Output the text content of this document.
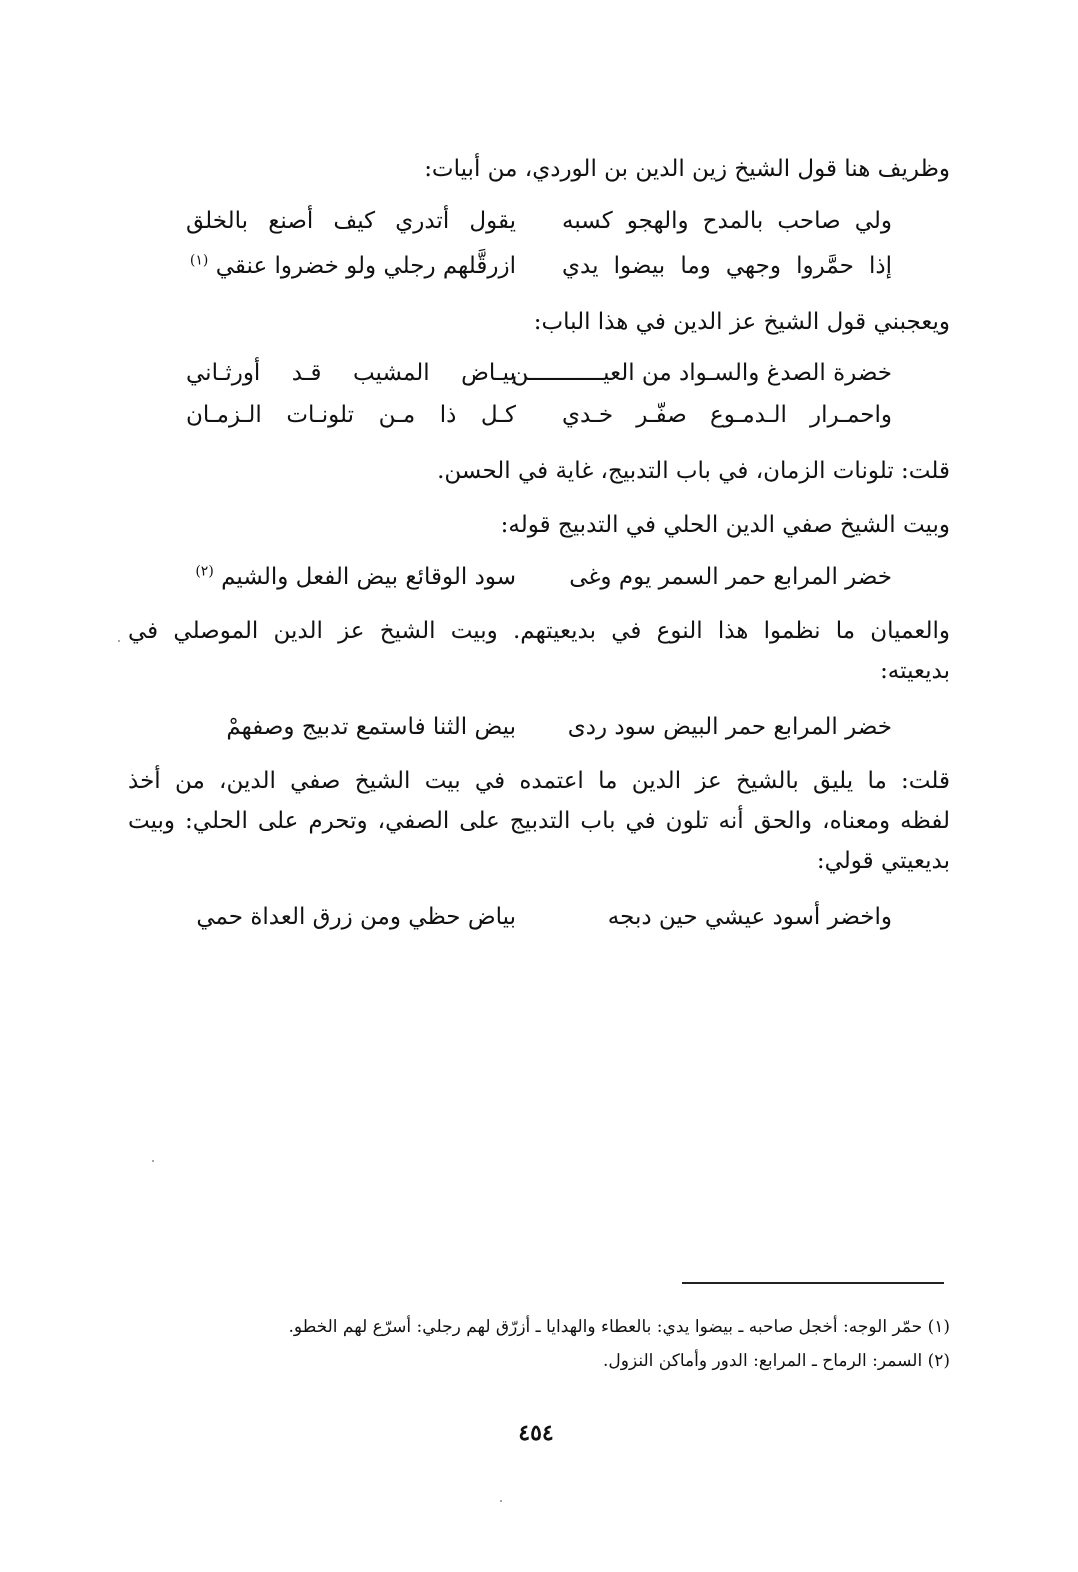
وظريف هنا قول الشيخ زين الدين بن الوردي، من أبيات:
ولي صاحب بالمدح والهجو كسبه
يقول أتدري كيف أصنع بالخلق
إذا حمَّروا وجهي وما بيضوا يدي
ازرقَّلهم رجلي ولو خضروا عنقي $^{(١)}$
ويعجبني قول الشيخ عز الدين في هذا الباب:
خضرة الصدغ والسـواد من العيـــــــــــن
بيـاض المشيب قـد أورثـاني
واحمـرار الـدمـوع صفّـر خـدي
كـل ذا مـن تلونـات الـزمـان
قلت: تلونات الزمان، في باب التدبيج، غاية في الحسن.
وبيت الشيخ صفي الدين الحلي في التدبيج قوله:
خضر المرابع حمر السمر يوم وغى
سود الوقائع بيض الفعل والشيم $^{(٢)}$
والعميان ما نظموا هذا النوع في بديعيتهم. وبيت الشيخ عز الدين الموصلي في
بديعيته:
خضر المرابع حمر البيض سود ردى
بيض الثنا فاستمع تدبيج وصفهمْ
قلت: ما يليق بالشيخ عز الدين ما اعتمده في بيت الشيخ صفي الدين، من أخذ
لفظه ومعناه، والحق أنه تلون في باب التدبيج على الصفي، وتحرم على الحلي: وبيت
بديعيتي قولي:
واخضر أسود عيشي حين دبجه
بياض حظي ومن زرق العداة حمي
(١) حمّر الوجه: أخجل صاحبه ـ بيضوا يدي: بالعطاء والهدايا ـ أزرّق لهم رجلي: أسرّع لهم الخطو.
(٢) السمر: الرماح ـ المرابع: الدور وأماكن النزول.
٤٥٤
